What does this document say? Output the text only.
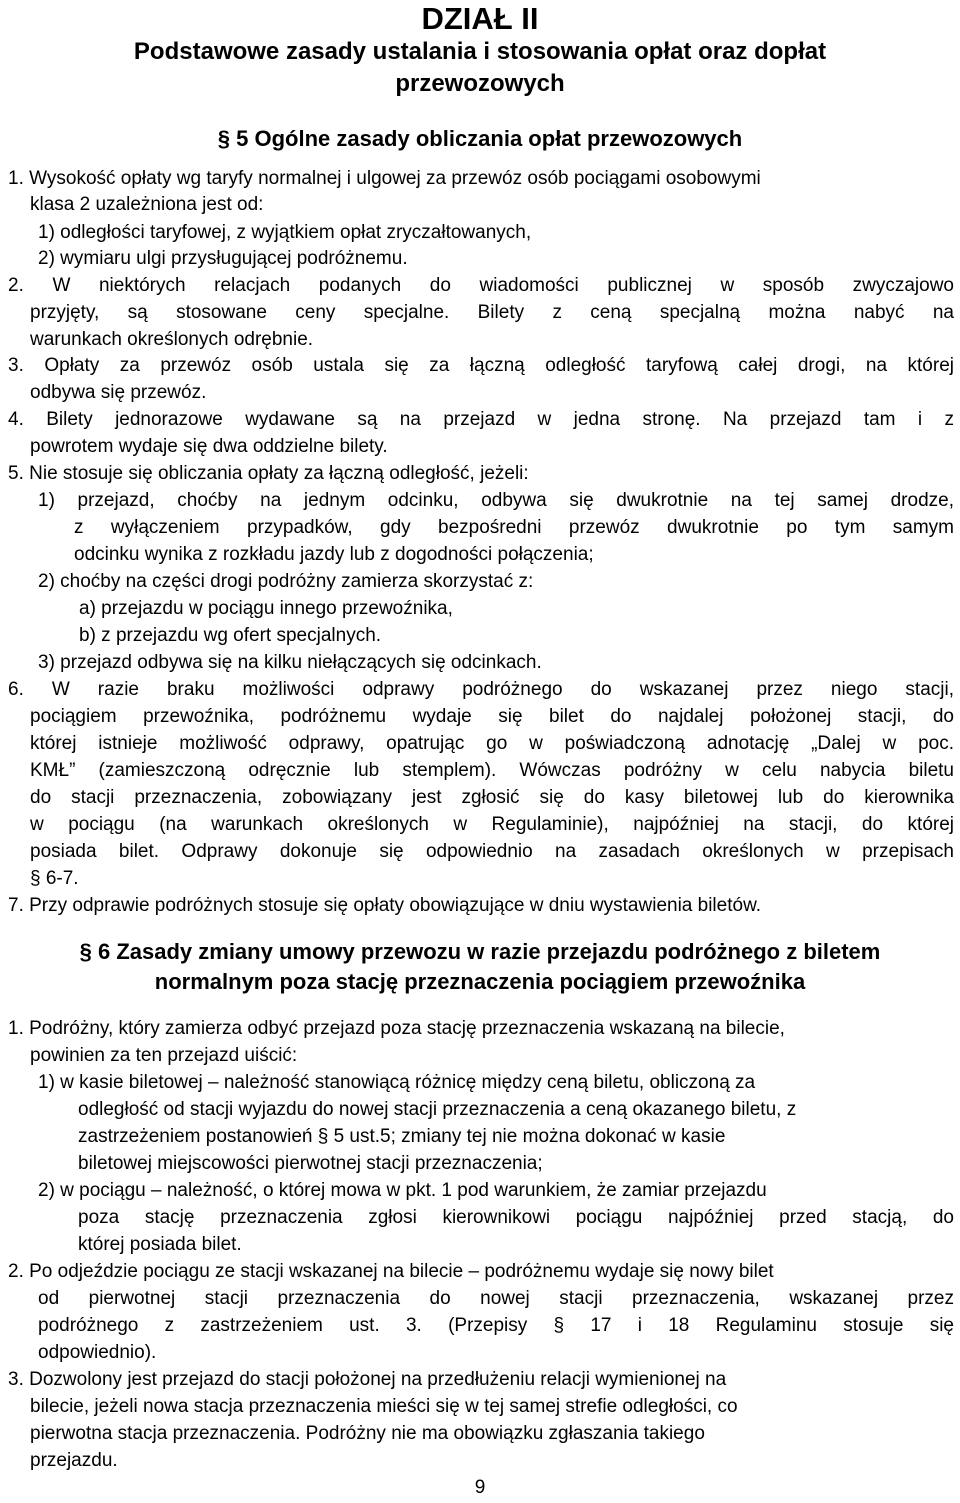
DZIAŁ II

Podstawowe zasady ustalania i stosowania opłat oraz dopłat

przewozowych

§ 5 Ogólne zasady obliczania opłat przewozowych

1. Wysokość opłaty wg taryfy normalnej i ulgowej za przewóz osób pociągami osobowymi

klasa 2 uzależniona jest od:

1) odległości taryfowej, z wyjątkiem opłat zryczałtowanych,

2) wymiaru ulgi przysługującej podróżnemu.

2. W niektórych relacjach podanych do wiadomości publicznej w sposób zwyczajowo

przyjęty, są stosowane ceny specjalne. Bilety z ceną specjalną można nabyć na

warunkach określonych odrębnie.

3. Opłaty za przewóz osób ustala się za łączną odległość taryfową całej drogi, na której

odbywa się przewóz.

4. Bilety jednorazowe wydawane są na przejazd w jedna stronę. Na przejazd tam i z

powrotem wydaje się dwa oddzielne bilety.

5. Nie stosuje się obliczania opłaty za łączną odległość, jeżeli:

1) przejazd, choćby na jednym odcinku, odbywa się dwukrotnie na tej samej drodze,

z wyłączeniem przypadków, gdy bezpośredni przewóz dwukrotnie po tym samym

odcinku wynika z rozkładu jazdy lub z dogodności połączenia;

2) choćby na części drogi podróżny zamierza skorzystać z:

a) przejazdu w pociągu innego przewoźnika,

b) z przejazdu wg ofert specjalnych.

3) przejazd odbywa się na kilku niełączących się odcinkach.

6. W razie braku możliwości odprawy podróżnego do wskazanej przez niego stacji,

pociągiem przewoźnika, podróżnemu wydaje się bilet do najdalej położonej stacji, do

której istnieje możliwość odprawy, opatrując go w poświadczoną adnotację „Dalej w poc.

KMŁ” (zamieszczoną odręcznie lub stemplem). Wówczas podróżny w celu nabycia biletu

do stacji przeznaczenia, zobowiązany jest zgłosić się do kasy biletowej lub do kierownika

w pociągu (na warunkach określonych w Regulaminie), najpóźniej na stacji, do której

posiada bilet. Odprawy dokonuje się odpowiednio na zasadach określonych w przepisach

§ 6-7.

7. Przy odprawie podróżnych stosuje się opłaty obowiązujące w dniu wystawienia biletów.

§ 6 Zasady zmiany umowy przewozu w razie przejazdu podróżnego z biletem

normalnym poza stację przeznaczenia pociągiem przewoźnika

1. Podróżny, który zamierza odbyć przejazd poza stację przeznaczenia wskazaną na bilecie,

powinien za ten przejazd uiścić:

1) w kasie biletowej – należność stanowiącą różnicę między ceną biletu, obliczoną za

odległość od stacji wyjazdu do nowej stacji przeznaczenia a ceną okazanego biletu, z

zastrzeżeniem postanowień § 5 ust.5; zmiany tej nie można dokonać w kasie

biletowej miejscowości pierwotnej stacji przeznaczenia;

2) w pociągu – należność, o której mowa w pkt. 1 pod warunkiem, że zamiar przejazdu

poza stację przeznaczenia zgłosi kierownikowi pociągu najpóźniej przed stacją, do

której posiada bilet.

2. Po odjeździe pociągu ze stacji wskazanej na bilecie – podróżnemu wydaje się nowy bilet

od pierwotnej stacji przeznaczenia do nowej stacji przeznaczenia, wskazanej przez

podróżnego z zastrzeżeniem ust. 3. (Przepisy § 17 i 18 Regulaminu stosuje się

odpowiednio).

3. Dozwolony jest przejazd do stacji położonej na przedłużeniu relacji wymienionej na

bilecie, jeżeli nowa stacja przeznaczenia mieści się w tej samej strefie odległości, co

pierwotna stacja przeznaczenia. Podróżny nie ma obowiązku zgłaszania takiego

przejazdu.

9
